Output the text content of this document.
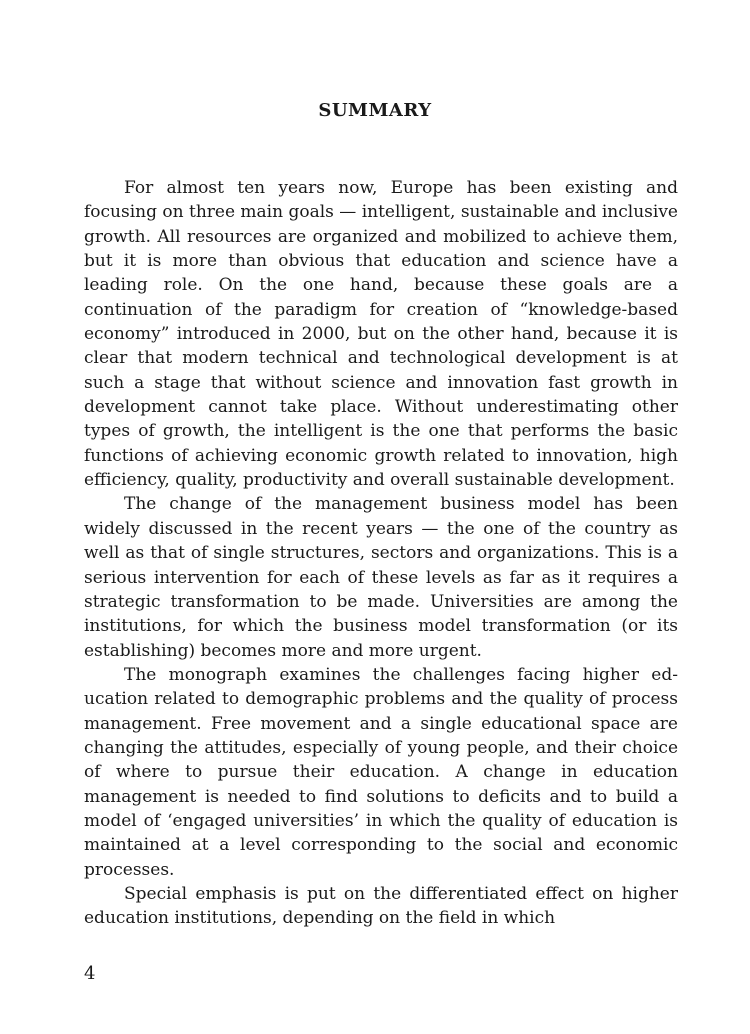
SUMMARY

For almost ten years now, Europe has been existing and focusing on three main goals — intelligent, sustainable and inclusive growth. All resources are organized and mobilized to achieve them, but it is more than obvious that education and science have a leading role. On the one hand, because these goals are a continuation of the paradigm for creation of “knowledge-based economy” introduced in 2000, but on the other hand, because it is clear that modern technical and technological development is at such a stage that without science and innovation fast growth in development cannot take place. Without underestimating other types of growth, the intelligent is the one that performs the basic functions of achieving economic growth related to innovation, high efficiency, quality, productivity and overall sustainable development.

The change of the management business model has been widely discussed in the recent years — the one of the country as well as that of single structures, sectors and organizations. This is a serious intervention for each of these levels as far as it requires a strategic transformation to be made. Universities are among the institutions, for which the business model transformation (or its establishing) becomes more and more urgent.

The monograph examines the challenges facing higher education related to demographic problems and the quality of process management. Free movement and a single educational space are changing the attitudes, especially of young people, and their choice of where to pursue their education. A change in education management is needed to find solutions to deficits and to build a model of ‘engaged universities’ in which the quality of education is maintained at a level corresponding to the social and economic processes.

Special emphasis is put on the differentiated effect on higher education institutions, depending on the field in which

4
